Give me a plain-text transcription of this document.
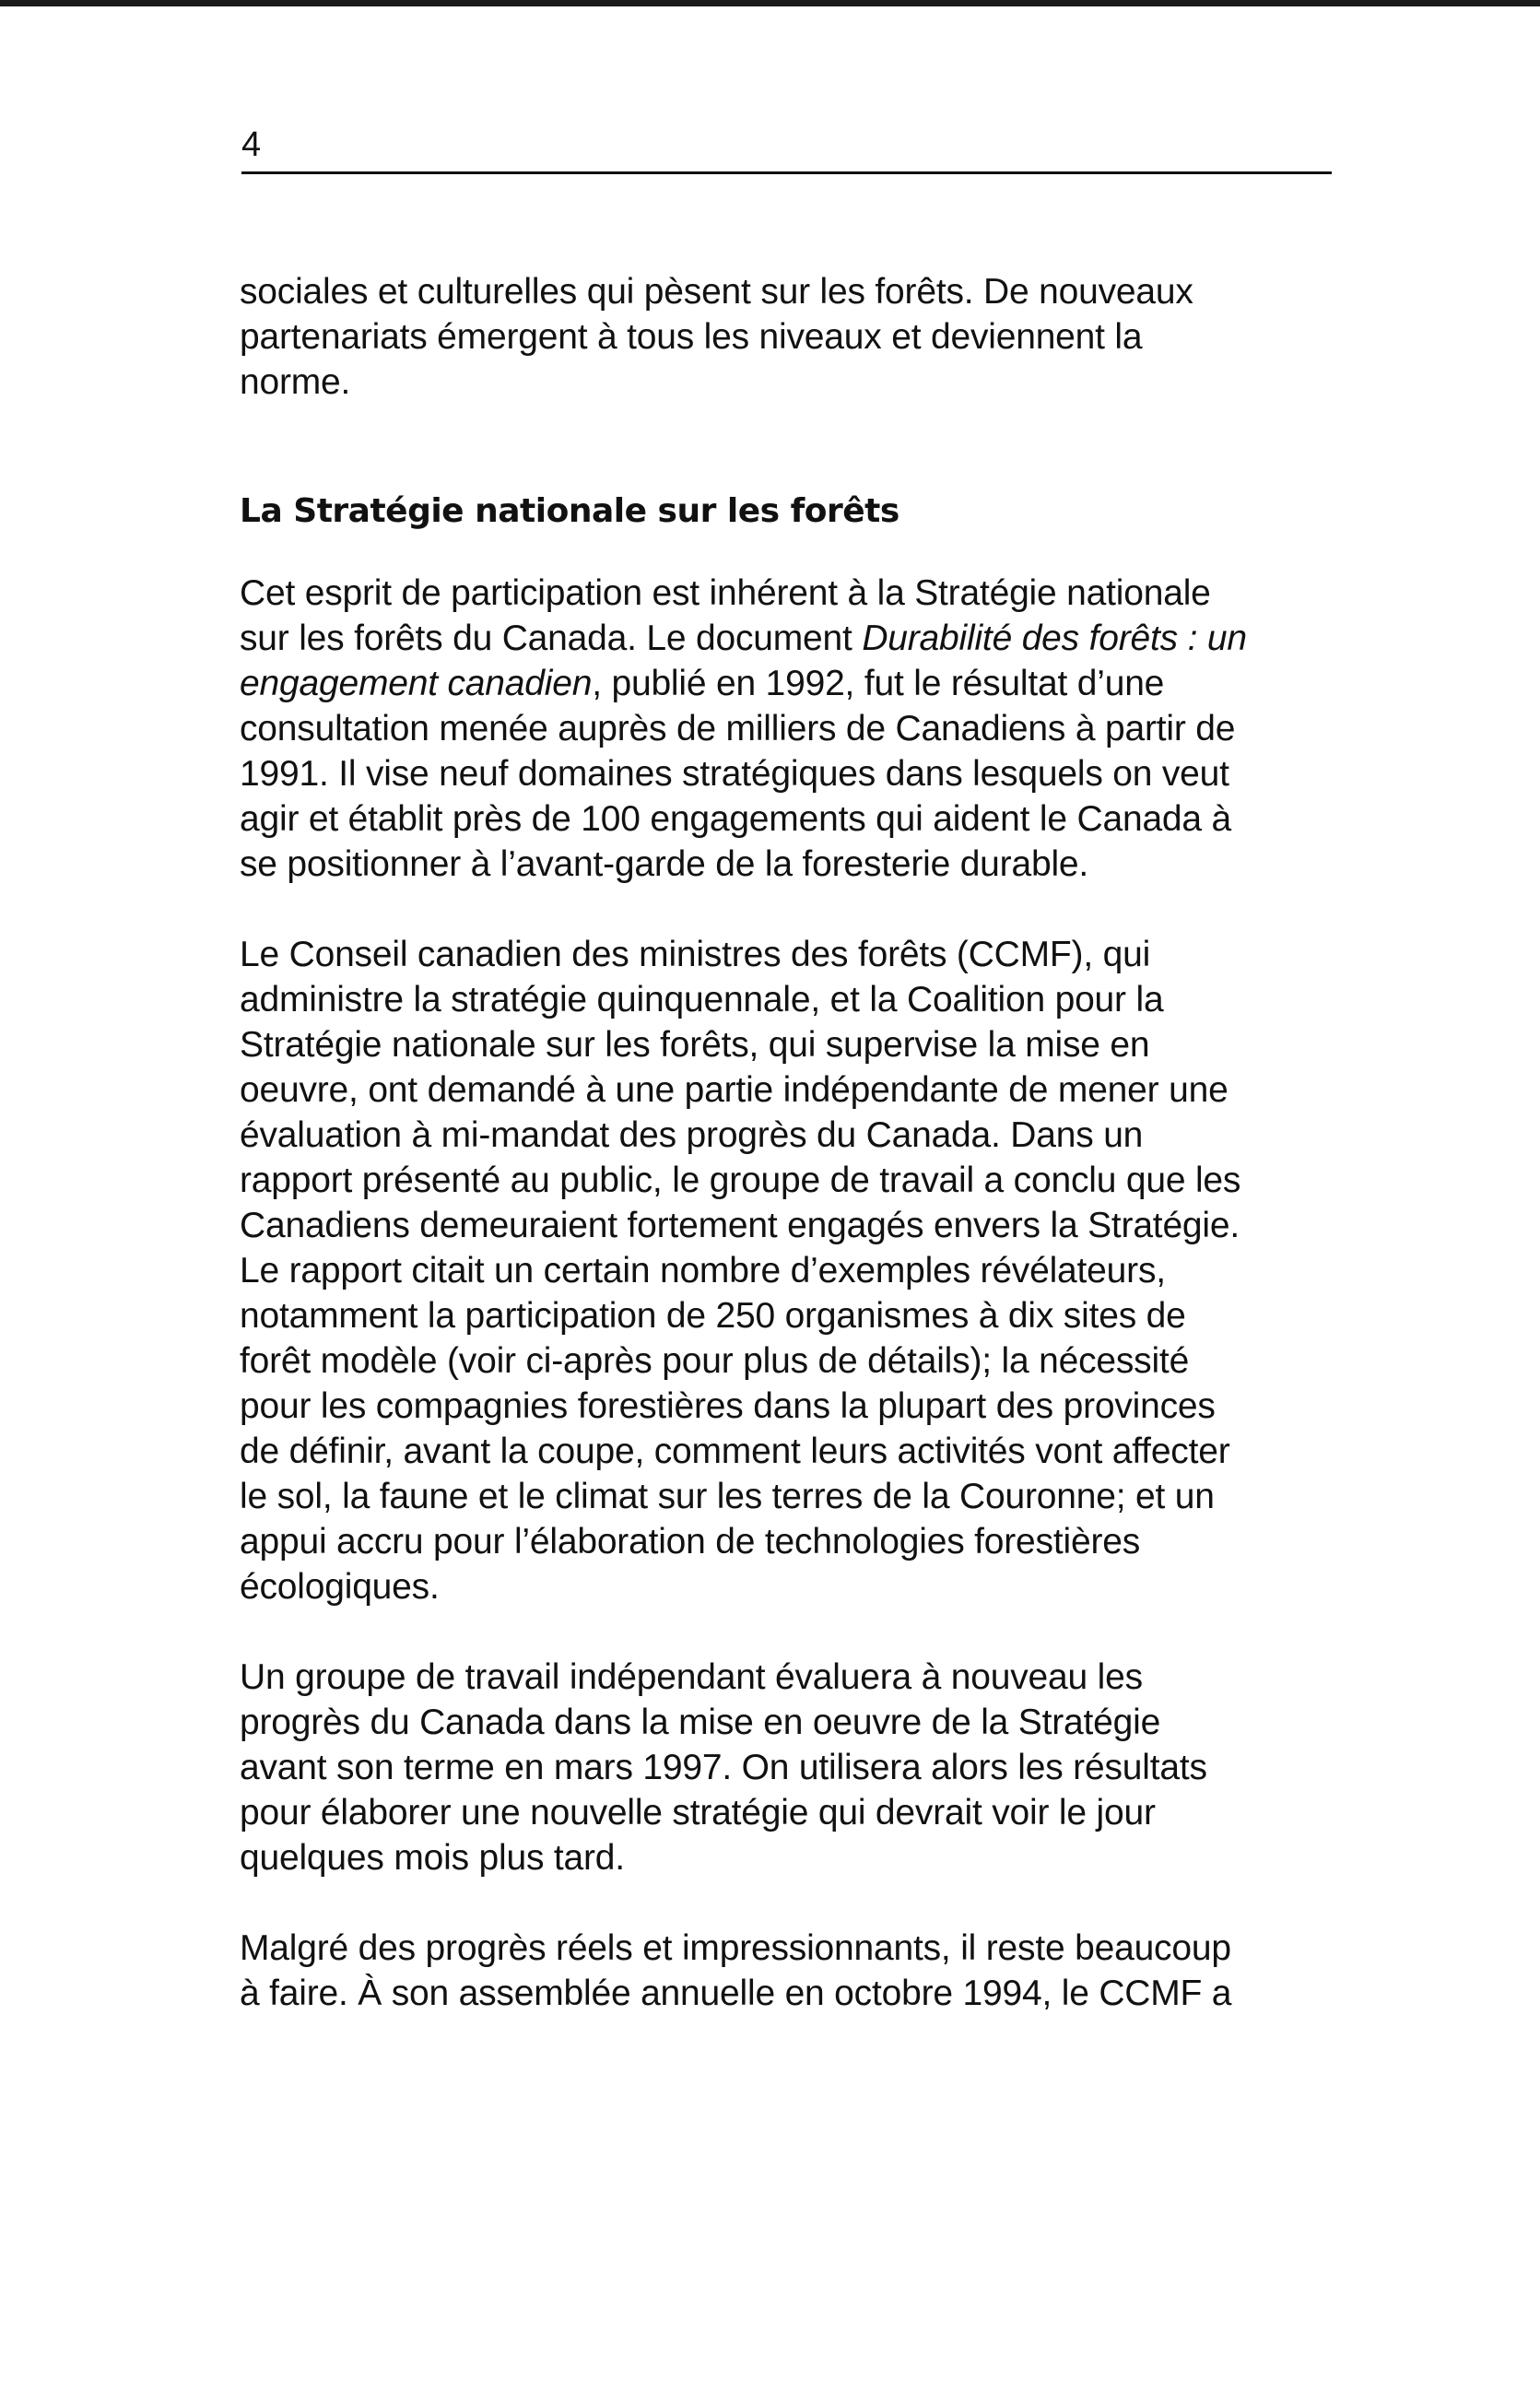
4

sociales et culturelles qui pèsent sur les forêts. De nouveaux
partenariats émergent à tous les niveaux et deviennent la
norme.

La Stratégie nationale sur les forêts

Cet esprit de participation est inhérent à la Stratégie nationale
sur les forêts du Canada. Le document Durabilité des forêts : un
engagement canadien, publié en 1992, fut le résultat d’une
consultation menée auprès de milliers de Canadiens à partir de
1991. Il vise neuf domaines stratégiques dans lesquels on veut
agir et établit près de 100 engagements qui aident le Canada à
se positionner à l’avant-garde de la foresterie durable.

Le Conseil canadien des ministres des forêts (CCMF), qui
administre la stratégie quinquennale, et la Coalition pour la
Stratégie nationale sur les forêts, qui supervise la mise en
oeuvre, ont demandé à une partie indépendante de mener une
évaluation à mi-mandat des progrès du Canada. Dans un
rapport présenté au public, le groupe de travail a conclu que les
Canadiens demeuraient fortement engagés envers la Stratégie.
Le rapport citait un certain nombre d’exemples révélateurs,
notamment la participation de 250 organismes à dix sites de
forêt modèle (voir ci-après pour plus de détails); la nécessité
pour les compagnies forestières dans la plupart des provinces
de définir, avant la coupe, comment leurs activités vont affecter
le sol, la faune et le climat sur les terres de la Couronne; et un
appui accru pour l’élaboration de technologies forestières
écologiques.

Un groupe de travail indépendant évaluera à nouveau les
progrès du Canada dans la mise en oeuvre de la Stratégie
avant son terme en mars 1997. On utilisera alors les résultats
pour élaborer une nouvelle stratégie qui devrait voir le jour
quelques mois plus tard.

Malgré des progrès réels et impressionnants, il reste beaucoup
à faire. À son assemblée annuelle en octobre 1994, le CCMF a
